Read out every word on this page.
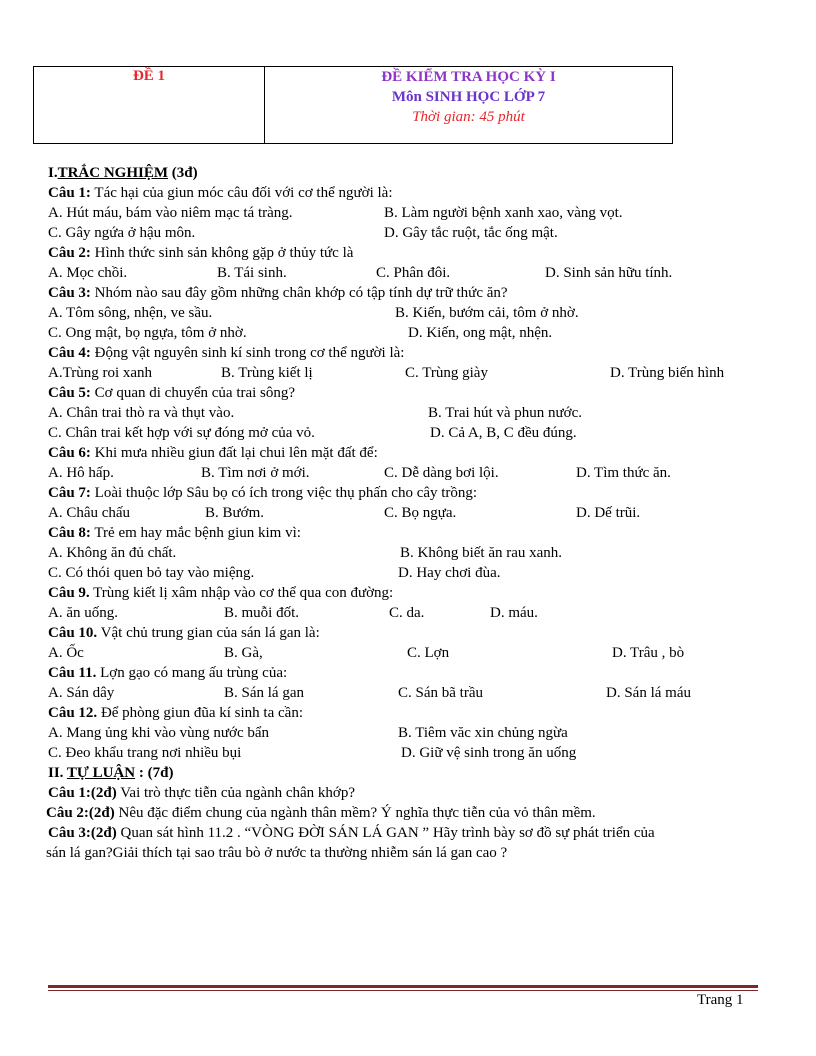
ĐỀ 1	ĐỀ KIỂM TRA HỌC KỲ I
Môn SINH HỌC LỚP 7
Thời gian: 45 phút
I.TRẮC NGHIỆM (3đ)
Câu 1: Tác hại của giun móc câu đối với cơ thể người là:
A. Hút máu, bám vào niêm mạc tá tràng.	B. Làm người bệnh xanh xao, vàng vọt.
C. Gây ngứa ở hậu môn.	D. Gây tắc ruột, tắc ống mật.
Câu 2: Hình thức sinh sản không gặp ở thủy tức là
A. Mọc chồi.	B. Tái sinh.	C. Phân đôi.	D. Sinh sản hữu tính.
Câu 3: Nhóm nào sau đây gồm những chân khớp có tập tính dự trữ thức ăn?
A. Tôm sông, nhện, ve sầu.	B. Kiến, bướm cải, tôm ở nhờ.
C. Ong mật, bọ ngựa, tôm ở nhờ.	D. Kiến, ong mật, nhện.
Câu 4: Động vật nguyên sinh kí sinh trong cơ thể người là:
A.Trùng roi xanh	B. Trùng kiết lị	C. Trùng giày	D. Trùng biến hình
Câu 5: Cơ quan di chuyển của trai sông?
A. Chân trai thò ra và thụt vào.	B. Trai hút và phun nước.
C. Chân trai kết hợp với sự đóng mở của vỏ.	D. Cả A, B, C đều đúng.
Câu 6: Khi mưa nhiều giun đất lại chui lên mặt đất để:
A. Hô hấp.	B. Tìm nơi ở mới.	C. Dễ dàng bơi lội.	D. Tìm thức ăn.
Câu 7: Loài thuộc lớp Sâu bọ có ích trong việc thụ phấn cho cây trồng:
A. Châu chấu	B. Bướm.	C. Bọ ngựa.	D. Dế trũi.
Câu 8: Trẻ em hay mắc bệnh giun kim vì:
A. Không ăn đủ chất.	B. Không biết ăn rau xanh.
C. Có thói quen bỏ tay vào miệng.	D. Hay chơi đùa.
Câu 9. Trùng kiết lị xâm nhập vào cơ thể qua con đường:
A. ăn uống.	B. muỗi đốt.	C. da.	D. máu.
Câu 10. Vật chủ trung gian của sán lá gan là:
A. Ốc	B. Gà,	C. Lợn	D. Trâu , bò
Câu 11. Lợn gạo có mang ấu trùng của:
A. Sán dây	B. Sán lá gan	C. Sán bã trầu	D. Sán lá máu
Câu 12. Để phòng giun đũa kí sinh ta cần:
A. Mang ủng khi vào vùng nước bẩn	B. Tiêm văc xin chủng ngừa
C. Đeo khẩu trang nơi nhiều bụi	D. Giữ vệ sinh trong ăn uống
II. TỰ LUẬN : (7đ)
Câu 1:(2đ) Vai trò thực tiễn của ngành chân khớp?
Câu 2:(2đ) Nêu đặc điểm chung của ngành thân mềm? Ý nghĩa thực tiễn của vỏ thân mềm.
Câu 3:(2đ) Quan sát hình 11.2 . “VÒNG ĐỜI SÁN LÁ GAN ” Hãy trình bày sơ đồ sự phát triển của
sán lá gan?Giải thích tại sao trâu bò ở nước ta thường nhiễm sán lá gan cao ?
Trang 1
